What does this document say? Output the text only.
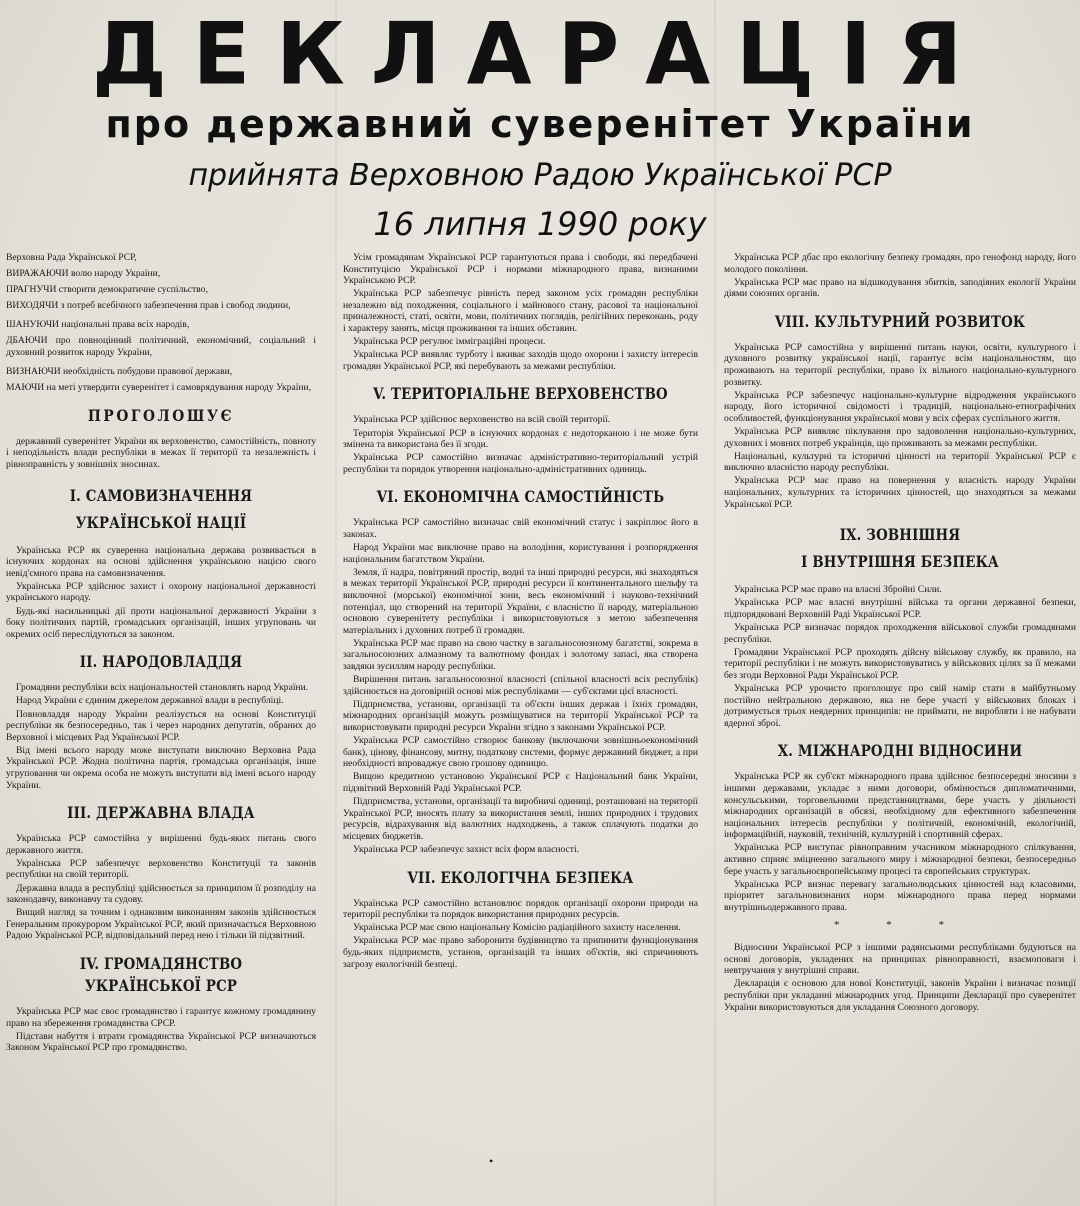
ДЕКЛАРАЦІЯ
про державний суверенітет України
прийнята Верховною Радою Української РСР
16 липня 1990 року

Верховна Рада Української РСР,

ВИРАЖАЮЧИ волю народу України,

ПРАГНУЧИ створити демократичне суспільство,

ВИХОДЯЧИ з потреб всебічного забезпечення прав і свобод людини,

ШАНУЮЧИ національні права всіх народів,

ДБАЮЧИ про повноцінний політичний, економічний, соціальний і духовний розвиток народу України,

ВИЗНАЮЧИ необхідність побудови правової держави,

МАЮЧИ на меті утвердити суверенітет і самоврядування народу України,

ПРОГОЛОШУЄ

державний суверенітет України як верховенство, самостійність, повноту і неподільність влади республіки в межах її території та незалежність і рівноправність у зовнішніх зносинах.

I. САМОВИЗНАЧЕННЯ
УКРАЇНСЬКОЇ НАЦІЇ

Українська РСР як суверенна національна держава розвивається в існуючих кордонах на основі здійснення українською нацією свого невід'ємного права на самовизначення.

Українська РСР здійснює захист і охорону національної державності українського народу.

Будь-які насильницькі дії проти національної державності України з боку політичних партій, громадських організацій, інших угруповань чи окремих осіб переслідуються за законом.

II. НАРОДОВЛАДДЯ

Громадяни республіки всіх національностей становлять народ України.

Народ України є єдиним джерелом державної влади в республіці.

Повновладдя народу України реалізується на основі Конституції республіки як безпосередньо, так і через народних депутатів, обраних до Верховної і місцевих Рад Української РСР.

Від імені всього народу може виступати виключно Верховна Рада Української РСР. Жодна політична партія, громадська організація, інше угруповання чи окрема особа не можуть виступати від імені всього народу України.

III. ДЕРЖАВНА ВЛАДА

Українська РСР самостійна у вирішенні будь-яких питань свого державного життя.

Українська РСР забезпечує верховенство Конституції та законів республіки на своїй території.

Державна влада в республіці здійснюється за принципом її розподілу на законодавчу, виконавчу та судову.

Вищий нагляд за точним і однаковим виконанням законів здійснюється Генеральним прокурором Української РСР, який призначається Верховною Радою Української РСР, відповідальний перед нею і тільки їй підзвітний.

IV. ГРОМАДЯНСТВО УКРАЇНСЬКОЇ РСР

Українська РСР має своє громадянство і гарантує кожному громадянину право на збереження громадянства СРСР.

Підстави набуття і втрати громадянства Української РСР визначаються Законом Української РСР про громадянство.

Усім громадянам Української РСР гарантуються права і свободи, які передбачені Конституцією Української РСР і нормами міжнародного права, визнаними Українською РСР.

Українська РСР забезпечує рівність перед законом усіх громадян республіки незалежно від походження, соціального і майнового стану, расової та національної приналежності, статі, освіти, мови, політичних поглядів, релігійних переконань, роду і характеру занять, місця проживання та інших обставин.

Українська РСР регулює імміграційні процеси.

Українська РСР виявляє турботу і вживає заходів щодо охорони і захисту інтересів громадян Української РСР, які перебувають за межами республіки.

V. ТЕРИТОРІАЛЬНЕ ВЕРХОВЕНСТВО

Українська РСР здійснює верховенство на всій своїй території.

Територія Української РСР в існуючих кордонах є недоторканою і не може бути змінена та використана без її згоди.

Українська РСР самостійно визначає адміністративно-територіальний устрій республіки та порядок утворення національно-адміністративних одиниць.

VI. ЕКОНОМІЧНА САМОСТІЙНІСТЬ

Українська РСР самостійно визначає свій економічний статус і закріплює його в законах.

Народ України має виключне право на володіння, користування і розпорядження національним багатством України.

Земля, її надра, повітряний простір, водні та інші природні ресурси, які знаходяться в межах території Української РСР, природні ресурси її континентального шельфу та виключної (морської) економічної зони, весь економічний і науково-технічний потенціал, що створений на території України, є власністю її народу, матеріальною основою суверенітету республіки і використовуються з метою забезпечення матеріальних і духовних потреб її громадян.

Українська РСР має право на свою частку в загальносоюзному багатстві, зокрема в загальносоюзних алмазному та валютному фондах і золотому запасі, яка створена завдяки зусиллям народу республіки.

Вирішення питань загальносоюзної власності (спільної власності всіх республік) здійснюється на договірній основі між республіками — суб'єктами цієї власності.

Підприємства, установи, організації та об'єкти інших держав і їхніх громадян, міжнародних організацій можуть розміщуватися на території Української РСР та використовувати природні ресурси України згідно з законами Української РСР.

Українська РСР самостійно створює банкову (включаючи зовнішньоекономічний банк), цінову, фінансову, митну, податкову системи, формує державний бюджет, а при необхідності впроваджує свою грошову одиницю.

Вищою кредитною установою Української РСР є Національний банк України, підзвітний Верховній Раді Української РСР.

Підприємства, установи, організації та виробничі одиниці, розташовані на території Української РСР, вносять плату за використання землі, інших природних і трудових ресурсів, відрахування від валютних надходжень, а також сплачують податки до місцевих бюджетів.

Українська РСР забезпечує захист всіх форм власності.

VII. ЕКОЛОГІЧНА БЕЗПЕКА

Українська РСР самостійно встановлює порядок організації охорони природи на території республіки та порядок використання природних ресурсів.

Українська РСР має свою національну Комісію радіаційного захисту населення.

Українська РСР має право заборонити будівництво та припинити функціонування будь-яких підприємств, установ, організацій та інших об'єктів, які спричиняють загрозу екологічній безпеці.

Українська РСР дбає про екологічну безпеку громадян, про генофонд народу, його молодого покоління.

Українська РСР має право на відшкодування збитків, заподіяних екології України діями союзних органів.

VIII. КУЛЬТУРНИЙ РОЗВИТОК

Українська РСР самостійна у вирішенні питань науки, освіти, культурного і духовного розвитку української нації, гарантує всім національностям, що проживають на території республіки, право їх вільного національно-культурного розвитку.

Українська РСР забезпечує національно-культурне відродження українського народу, його історичної свідомості і традицій, національно-етнографічних особливостей, функціонування української мови у всіх сферах суспільного життя.

Українська РСР виявляє піклування про задоволення національно-культурних, духовних і мовних потреб українців, що проживають за межами республіки.

Національні, культурні та історичні цінності на території Української РСР є виключно власністю народу республіки.

Українська РСР має право на повернення у власність народу України національних, культурних та історичних цінностей, що знаходяться за межами Української РСР.

IX. ЗОВНІШНЯ
І ВНУТРІШНЯ БЕЗПЕКА

Українська РСР має право на власні Збройні Сили.

Українська РСР має власні внутрішні війська та органи державної безпеки, підпорядковані Верховній Раді Української РСР.

Українська РСР визначає порядок проходження військової служби громадянами республіки.

Громадяни Української РСР проходять дійсну військову службу, як правило, на території республіки і не можуть використовуватись у військових цілях за її межами без згоди Верховної Ради Української РСР.

Українська РСР урочисто проголошує про свій намір стати в майбутньому постійно нейтральною державою, яка не бере участі у військових блоках і дотримується трьох неядерних принципів: не приймати, не виробляти і не набувати ядерної зброї.

X. МІЖНАРОДНІ ВІДНОСИНИ

Українська РСР як суб'єкт міжнародного права здійснює безпосередні зносини з іншими державами, укладає з ними договори, обмінюється дипломатичними, консульськими, торговельними представництвами, бере участь у діяльності міжнародних організацій в обсязі, необхідному для ефективного забезпечення національних інтересів республіки у політичній, економічній, екологічній, інформаційній, науковій, технічній, культурній і спортивній сферах.

Українська РСР виступає рівноправним учасником міжнародного спілкування, активно сприяє зміцненню загального миру і міжнародної безпеки, безпосередньо бере участь у загальноєвропейському процесі та європейських структурах.

Українська РСР визнає перевагу загальнолюдських цінностей над класовими, пріоритет загальновизнаних норм міжнародного права перед нормами внутрішньодержавного права.

* * *

Відносини Української РСР з іншими радянськими республіками будуються на основі договорів, укладених на принципах рівноправності, взаємоповаги і невтручання у внутрішні справи.

Декларація є основою для нової Конституції, законів України і визначає позиції республіки при укладанні міжнародних угод. Принципи Декларації про суверенітет України використовуються для укладання Союзного договору.

•
